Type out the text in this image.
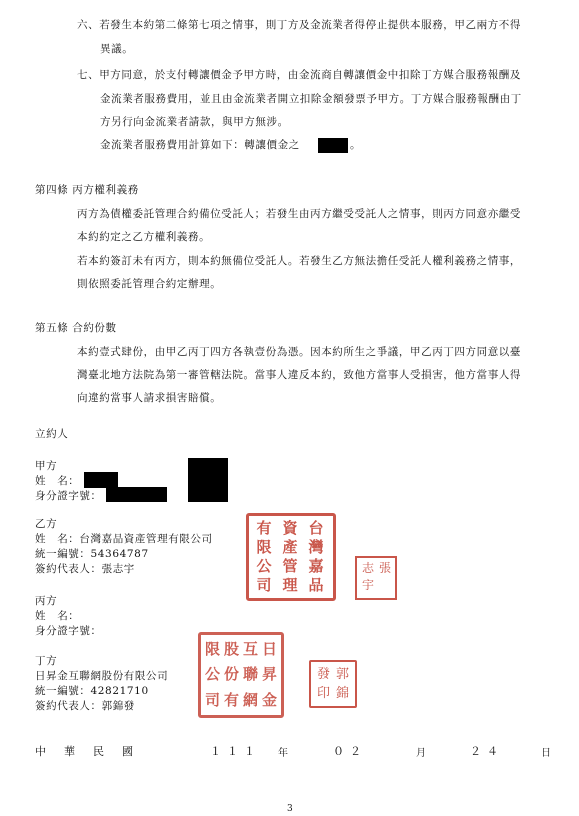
六、若發生本約第二條第七項之情事，則丁方及金流業者得停止提供本服務，甲乙兩方不得
異議。
七、甲方同意，於支付轉讓價金予甲方時，由金流商自轉讓價金中扣除丁方媒合服務報酬及
金流業者服務費用，並且由金流業者開立扣除金額發票予甲方。丁方媒合服務報酬由丁
方另行向金流業者請款，與甲方無涉。
金流業者服務費用計算如下：轉讓價金之	。
第四條 丙方權利義務
丙方為債權委託管理合約備位受託人；若發生由丙方繼受受託人之情事，則丙方同意亦繼受
本約約定之乙方權利義務。
若本約簽訂未有丙方，則本約無備位受託人。若發生乙方無法擔任受託人權利義務之情事，
則依照委託管理合約定辦理。
第五條 合約份數
本約壹式肆份，由甲乙丙丁四方各執壹份為憑。因本約所生之爭議，甲乙丙丁四方同意以臺
灣臺北地方法院為第一審管轄法院。當事人違反本約，致他方當事人受損害，他方當事人得
向違約當事人請求損害賠償。
立約人
甲方
姓　名：
身分證字號：
乙方
姓　名：台灣嘉品資產管理有限公司
統一編號：54364787
簽約代表人：張志宇
台
灣
嘉
品
資
產
管
理
有
限
公
司
張
志
宇
丙方
姓　名：
身分證字號：
丁方
日昇金互聯網股份有限公司
統一編號：42821710
簽約代表人：郭錦發
日
昇
金
互
聯
網
股
份
有
限
公
司
郭
錦
發
印
中 華 民 國	１１１ 年	０２	月	２４	日
3
